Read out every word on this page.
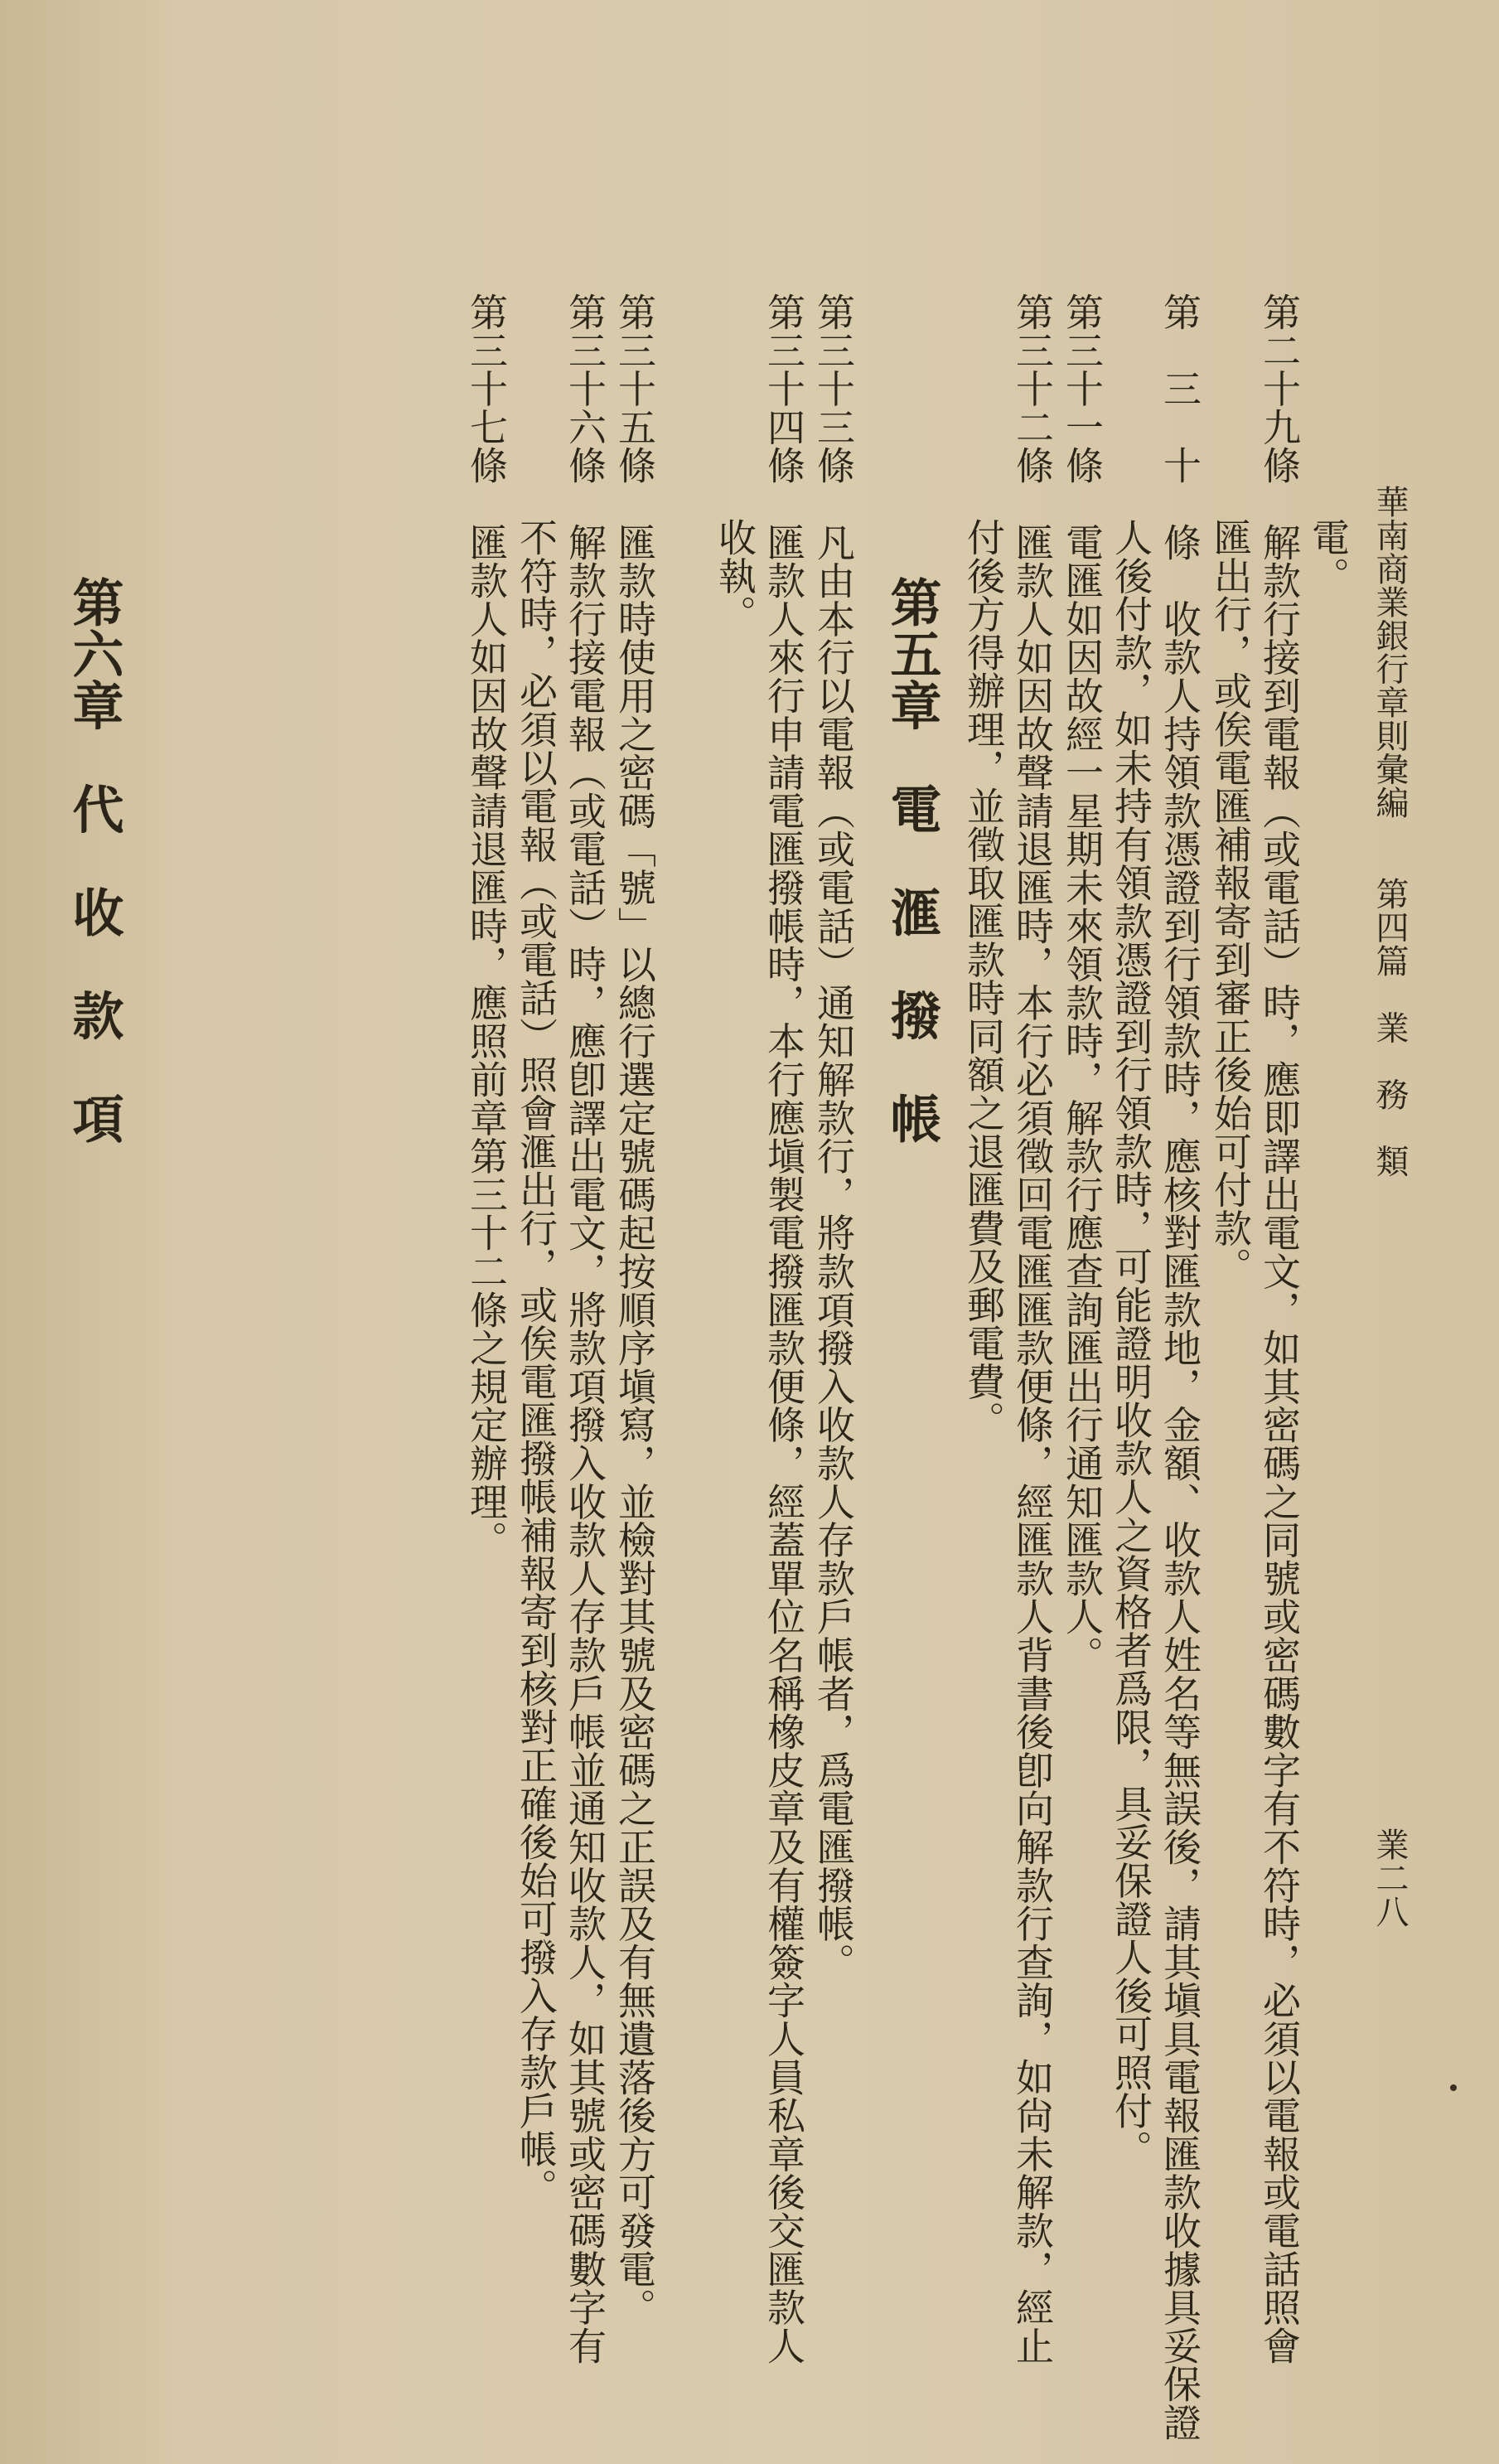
華南商業銀行章則彙編
第四篇　業　務　類
業二八
電。
第二十九條　解款行接到電報（或電話）時，應即譯出電文，如其密碼之同號或密碼數字有不符時，必須以電報或電話照會
匯出行，或俟電匯補報寄到審正後始可付款。
第　三　十　條　收款人持領款憑證到行領款時，應核對匯款地，金額、收款人姓名等無誤後，請其塡具電報匯款收據具妥保證
人後付款，如未持有領款憑證到行領款時，可能證明收款人之資格者爲限，具妥保證人後可照付。
第三十一條　電匯如因故經一星期未來領款時，解款行應查詢匯出行通知匯款人。
第三十二條　匯款人如因故聲請退匯時，本行必須徵回電匯匯款便條，經匯款人背書後卽向解款行查詢，如尙未解款，經止
付後方得辦理，並徵取匯款時同額之退匯費及郵電費。
第五章　電　滙　撥　帳
第三十三條　凡由本行以電報（或電話）通知解款行，將款項撥入收款人存款戶帳者，爲電匯撥帳。
第三十四條　匯款人來行申請電匯撥帳時，本行應塡製電撥匯款便條，經蓋單位名稱橡皮章及有權簽字人員私章後交匯款人
收執。
第三十五條　匯款時使用之密碼「號」以總行選定號碼起按順序塡寫，並檢對其號及密碼之正誤及有無遺落後方可發電。
第三十六條　解款行接電報（或電話）時，應卽譯出電文，將款項撥入收款人存款戶帳並通知收款人，如其號或密碼數字有
不符時，必須以電報（或電話）照會滙出行，或俟電匯撥帳補報寄到核對正確後始可撥入存款戶帳。
第三十七條　匯款人如因故聲請退匯時，應照前章第三十二條之規定辦理。
第六章　代　收　款　項
